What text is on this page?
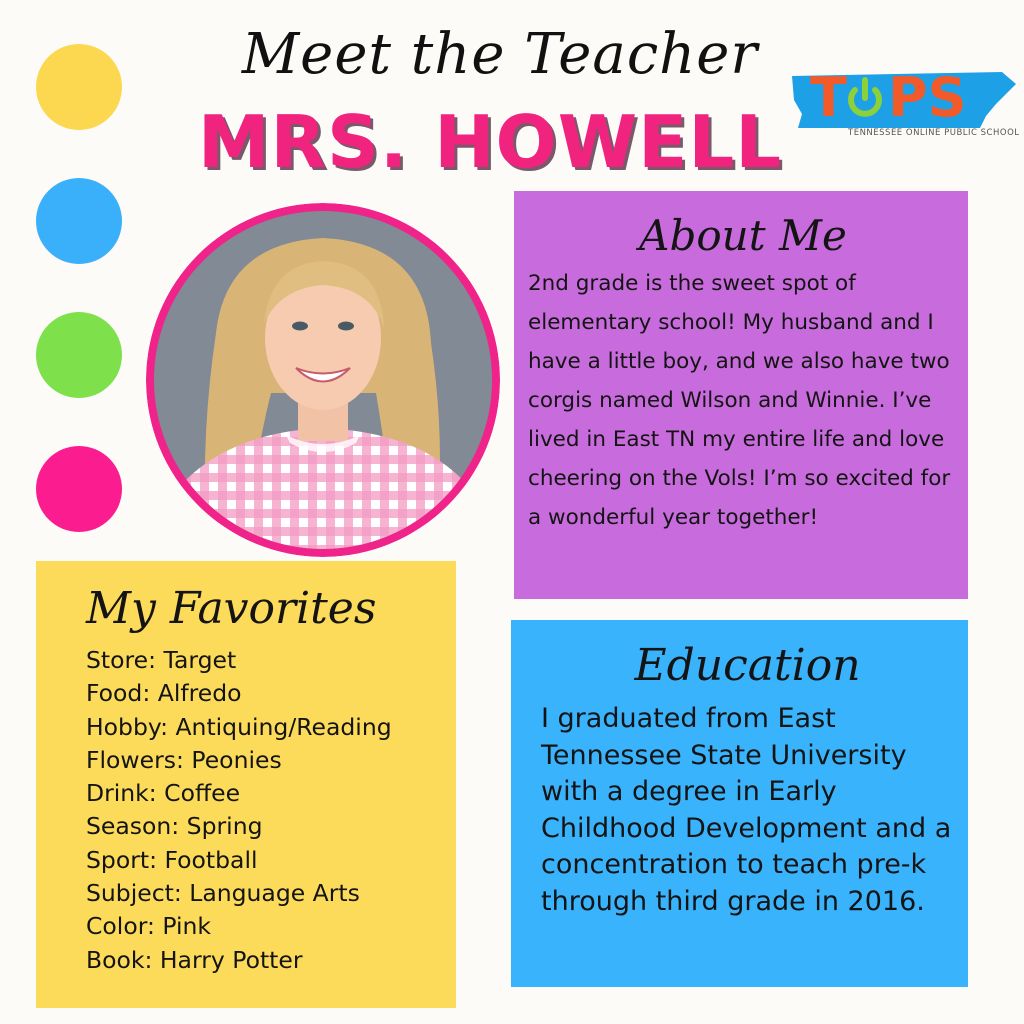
Meet the Teacher
MRS. HOWELL
T PS
TENNESSEE ONLINE PUBLIC SCHOOL
About Me
2nd grade is the sweet spot of elementary school! My husband and I have a little boy, and we also have two corgis named Wilson and Winnie. I’ve lived in East TN my entire life and love cheering on the Vols! I’m so excited for a wonderful year together!
My Favorites
Store: Target
Food: Alfredo
Hobby: Antiquing/Reading
Flowers: Peonies
Drink: Coffee
Season: Spring
Sport: Football
Subject: Language Arts
Color: Pink
Book: Harry Potter
Education
I graduated from East Tennessee State University with a degree in Early Childhood Development and a concentration to teach pre-k through third grade in 2016.
